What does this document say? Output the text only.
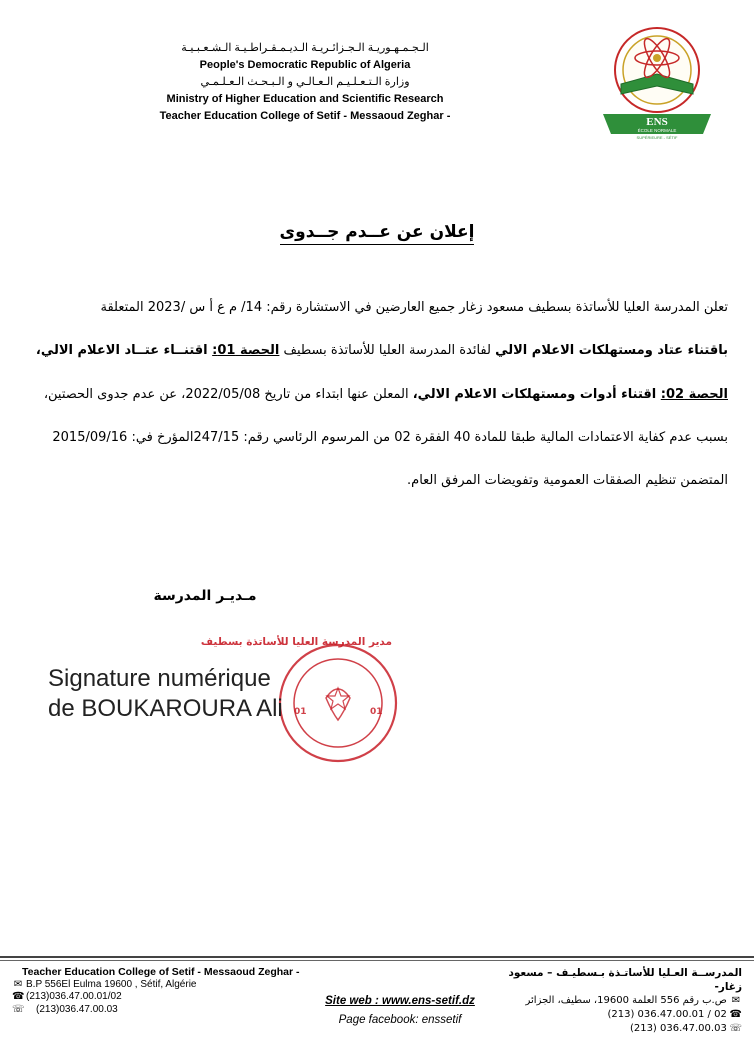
الـجـمـهـوريـة الـجـزائـريـة الـديـمـقـراطـيـة الـشـعـبـيـة
People's Democratic Republic of Algeria
وزارة الـتـعـلـيـم الـعـالـي و الـبـحـث الـعـلـمـي
Ministry of Higher Education and Scientific Research
Teacher Education College of Setif - Messaoud Zeghar -	ENS
ÉCOLE NORMALE
SUPÉRIEURE - SÉTIF
إعلان عن عــدم جــدوى
تعلن المدرسة العليا للأساتذة بسطيف مسعود زغار جميع العارضين في الاستشارة رقم: 14/ م ع أ س /2023 المتعلقة
باقتناء عتاد ومستهلكات الاعلام الالي لفائدة المدرسة العليا للأساتذة بسطيف الحصة 01: اقتنــاء عتــاد الاعلام الالي،
الحصة 02: اقتناء أدوات ومستهلكات الاعلام الالي، المعلن عنها ابتداء من تاريخ 2022/05/08، عن عدم جدوى الحصتين،
بسبب عدم كفاية الاعتمادات المالية طبقا للمادة 40 الفقرة 02 من المرسوم الرئاسي رقم: 247/15المؤرخ في: 2015/09/16
المتضمن تنظيم الصفقات العمومية وتفويضات المرفق العام.
مـديـر المدرسة
مدير المدرسة العليا للأساتذة بسطيف
01	01
Signature numérique
de BOUKAROURA Ali
Teacher Education College of Setif - Messaoud Zeghar -
✉ B.P 556El Eulma 19600 , Sétif, Algérie
☎ (213)036.47.00.01/02
☏ (213)036.47.00.03
Site web : www.ens-setif.dz
Page facebook: enssetif
المدرســة العـليا للأساتـذة بـسطيـف – مسعود زغار-
✉ ص.ب رقم 556 العلمة 19600، سطيف، الجزائر
☎ (213) 036.47.00.01 / 02
☏ (213) 036.47.00.03
